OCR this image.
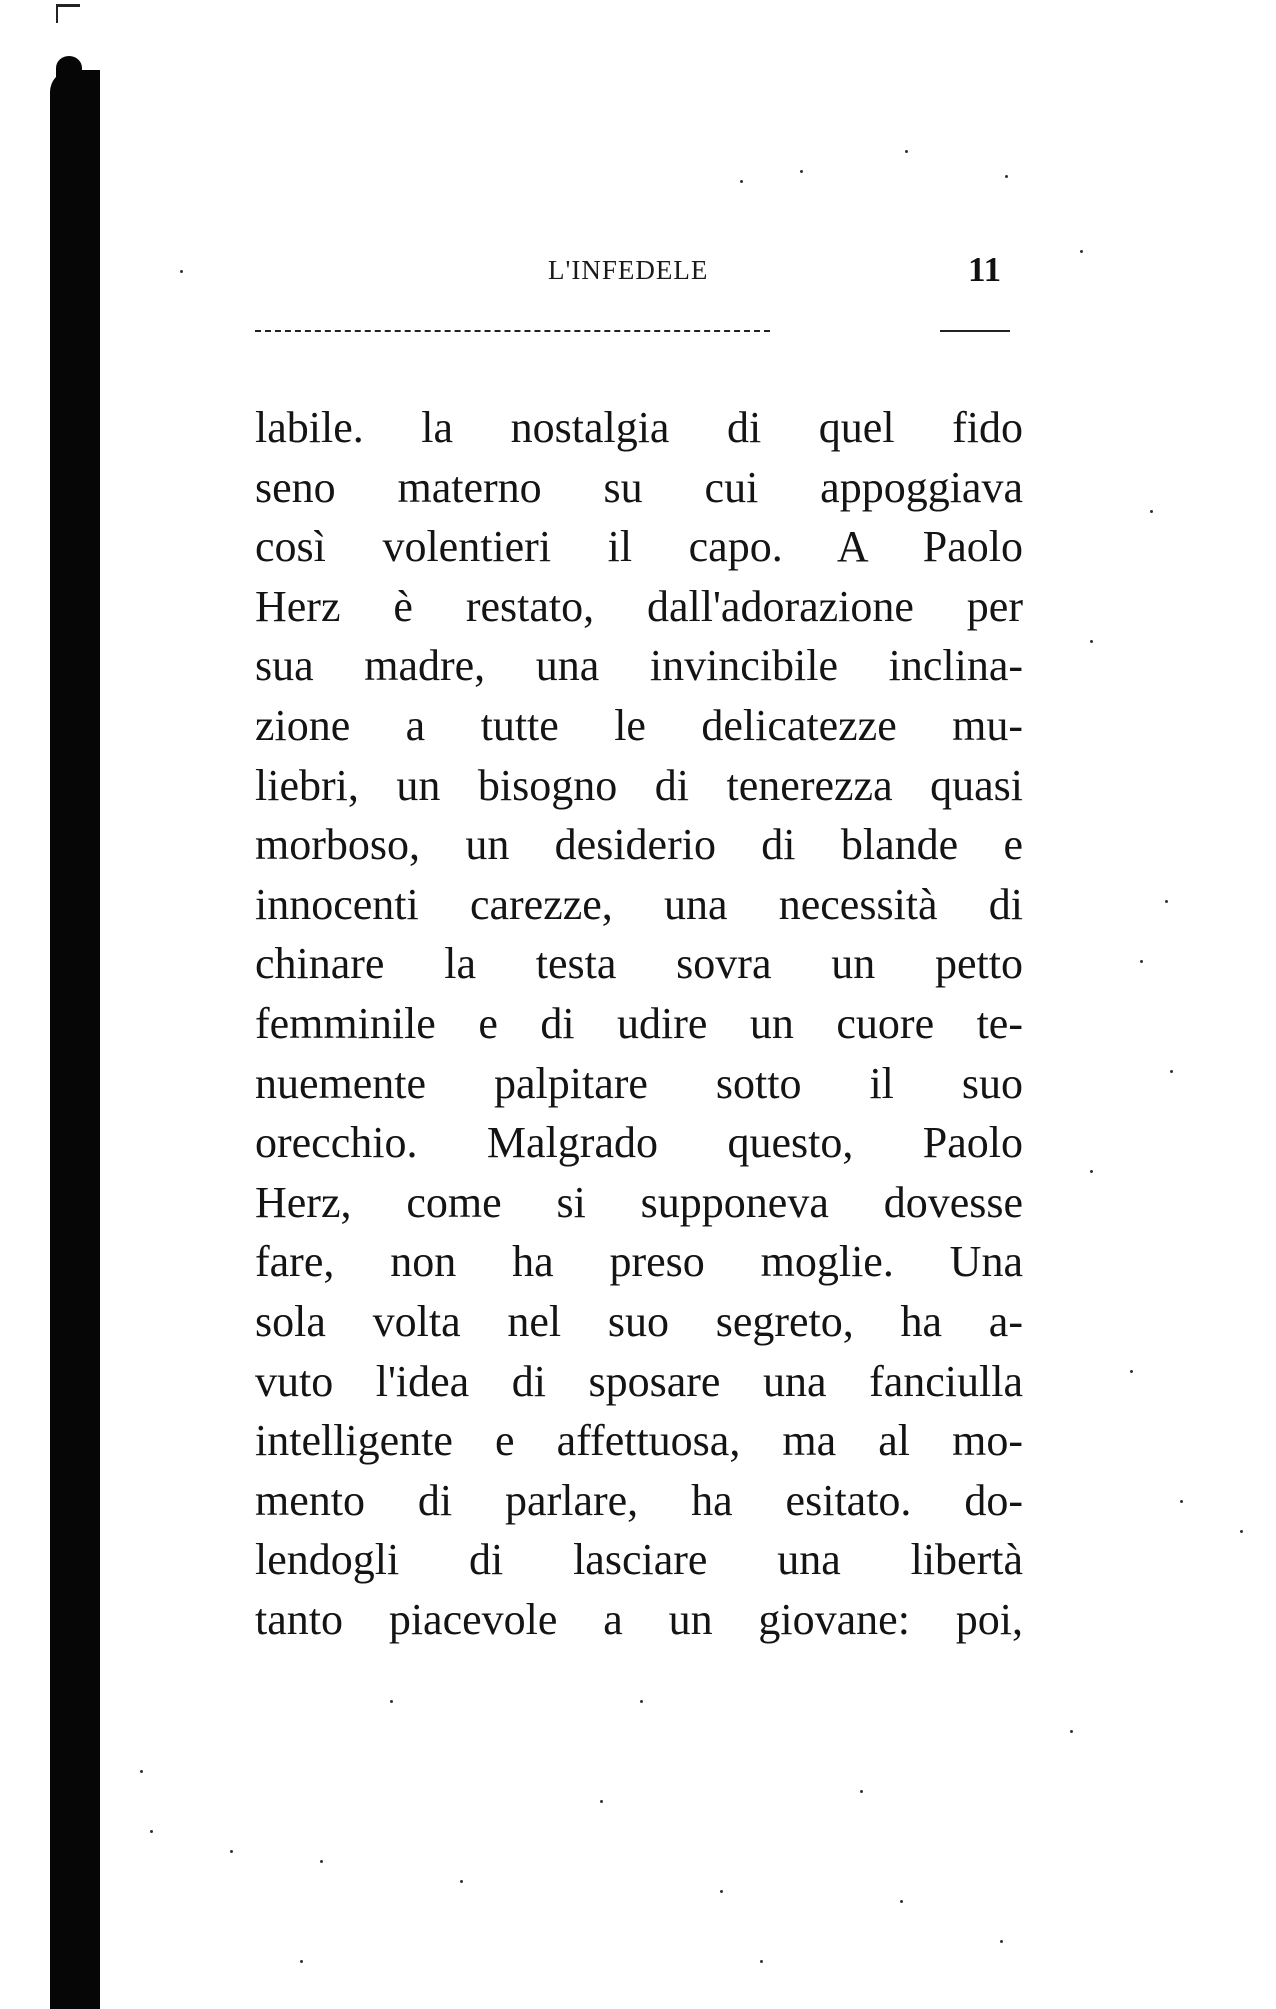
L'INFEDELE	11
labile. la nostalgia di quel fido
seno materno su cui appoggiava
così volentieri il capo. A Paolo
Herz è restato, dall'adorazione per
sua madre, una invincibile inclina-
zione a tutte le delicatezze mu-
liebri, un bisogno di tenerezza quasi
morboso, un desiderio di blande e
innocenti carezze, una necessità di
chinare la testa sovra un petto
femminile e di udire un cuore te-
nuemente palpitare sotto il suo
orecchio. Malgrado questo, Paolo
Herz, come si supponeva dovesse
fare, non ha preso moglie. Una
sola volta nel suo segreto, ha a-
vuto l'idea di sposare una fanciulla
intelligente e affettuosa, ma al mo-
mento di parlare, ha esitato. do-
lendogli di lasciare una libertà
tanto piacevole a un giovane: poi,
